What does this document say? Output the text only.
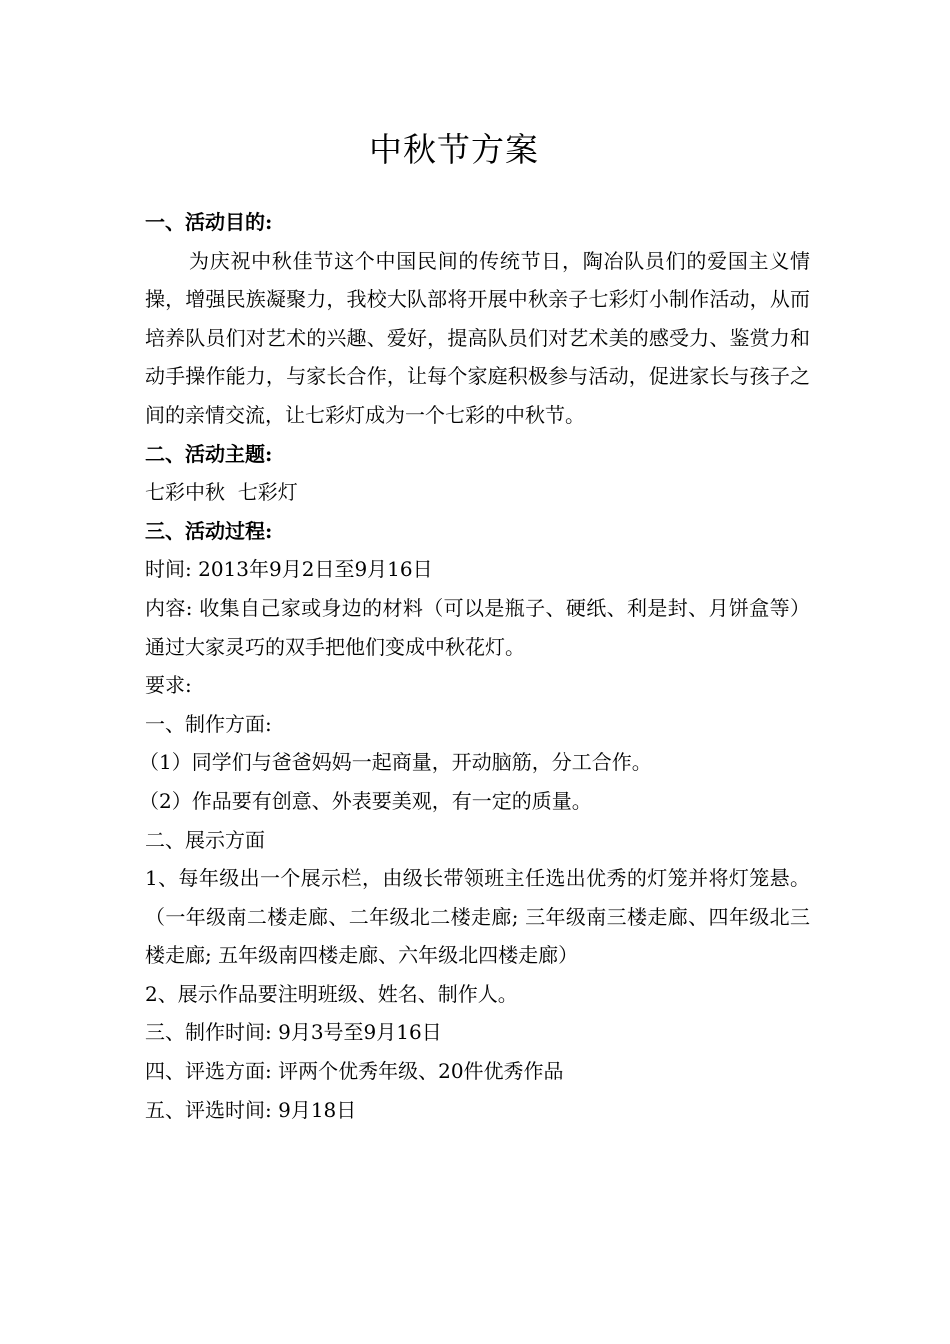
中秋节方案

一、活动目的:

为庆祝中秋佳节这个中国民间的传统节日，陶冶队员们的爱国主义情操，增强民族凝聚力，我校大队部将开展中秋亲子七彩灯小制作活动，从而培养队员们对艺术的兴趣、爱好，提高队员们对艺术美的感受力、鉴赏力和动手操作能力，与家长合作，让每个家庭积极参与活动，促进家长与孩子之间的亲情交流，让七彩灯成为一个七彩的中秋节。

二、活动主题:

七彩中秋  七彩灯

三、活动过程:

时间: 2013年9月2日至9月16日

内容: 收集自己家或身边的材料（可以是瓶子、硬纸、利是封、月饼盒等）  通过大家灵巧的双手把他们变成中秋花灯。

要求:

一、制作方面:

（1）同学们与爸爸妈妈一起商量，开动脑筋，分工合作。

（2）作品要有创意、外表要美观，有一定的质量。

二、展示方面

1、每年级出一个展示栏，由级长带领班主任选出优秀的灯笼并将灯笼悬。（一年级南二楼走廊、二年级北二楼走廊; 三年级南三楼走廊、四年级北三楼走廊; 五年级南四楼走廊、六年级北四楼走廊）

2、展示作品要注明班级、姓名、制作人。

三、制作时间: 9月3号至9月16日

四、评选方面: 评两个优秀年级、20件优秀作品

五、评选时间: 9月18日
